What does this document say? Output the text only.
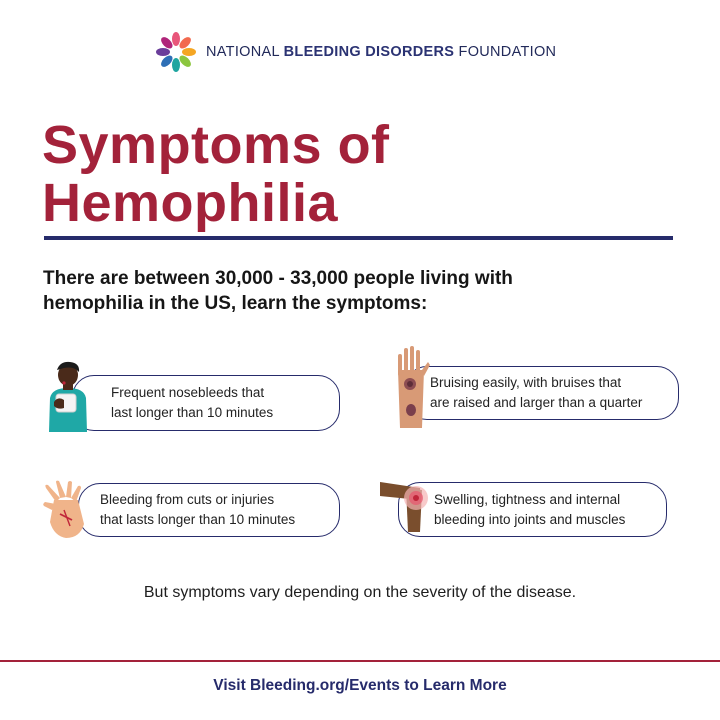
NATIONAL BLEEDING DISORDERS FOUNDATION
Symptoms of
Hemophilia
There are between 30,000 - 33,000 people living with hemophilia in the US, learn the symptoms:
Frequent nosebleeds that
last longer than 10 minutes
Bruising easily, with bruises that
are raised and larger than a quarter
Bleeding from cuts or injuries
that lasts longer than 10 minutes
Swelling, tightness and internal
bleeding into joints and muscles
But symptoms vary depending on the severity of the disease.
Visit Bleeding.org/Events to Learn More
